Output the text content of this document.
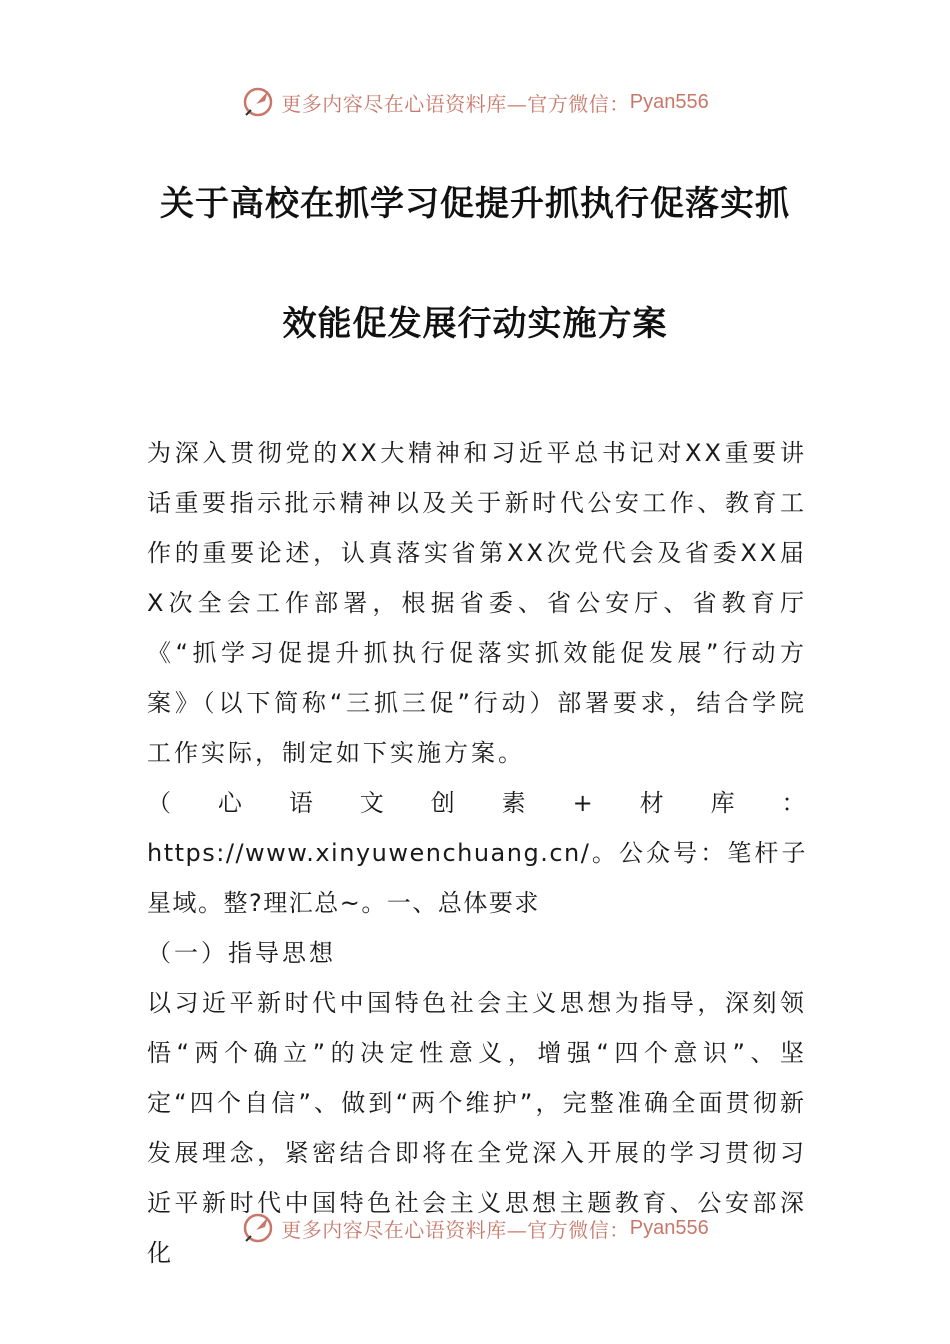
更多内容尽在心语资料库—官方微信： Pyan556
关于高校在抓学习促提升抓执行促落实抓
效能促发展行动实施方案

为深入贯彻党的XX大精神和习近平总书记对XX重要讲话重要指示批示精神以及关于新时代公安工作、教育工作的重要论述，认真落实省第XX次党代会及省委XX届X次全会工作部署，根据省委、省公安厅、省教育厅《“抓学习促提升抓执行促落实抓效能促发展”行动方案》（以下简称“三抓三促”行动）部署要求，结合学院工作实际，制定如下实施方案。

（心语文创素+材库：https://www.xinyuwenchuang.cn/。公众号：笔杆子星域。整?理汇总~。一、总体要求

（一）指导思想

以习近平新时代中国特色社会主义思想为指导，深刻领悟“两个确立”的决定性意义，增强“四个意识”、坚定“四个自信”、做到“两个维护”，完整准确全面贯彻新发展理念，紧密结合即将在全党深入开展的学习贯彻习近平新时代中国特色社会主义思想主题教育、公安部深化

更多内容尽在心语资料库—官方微信： Pyan556
